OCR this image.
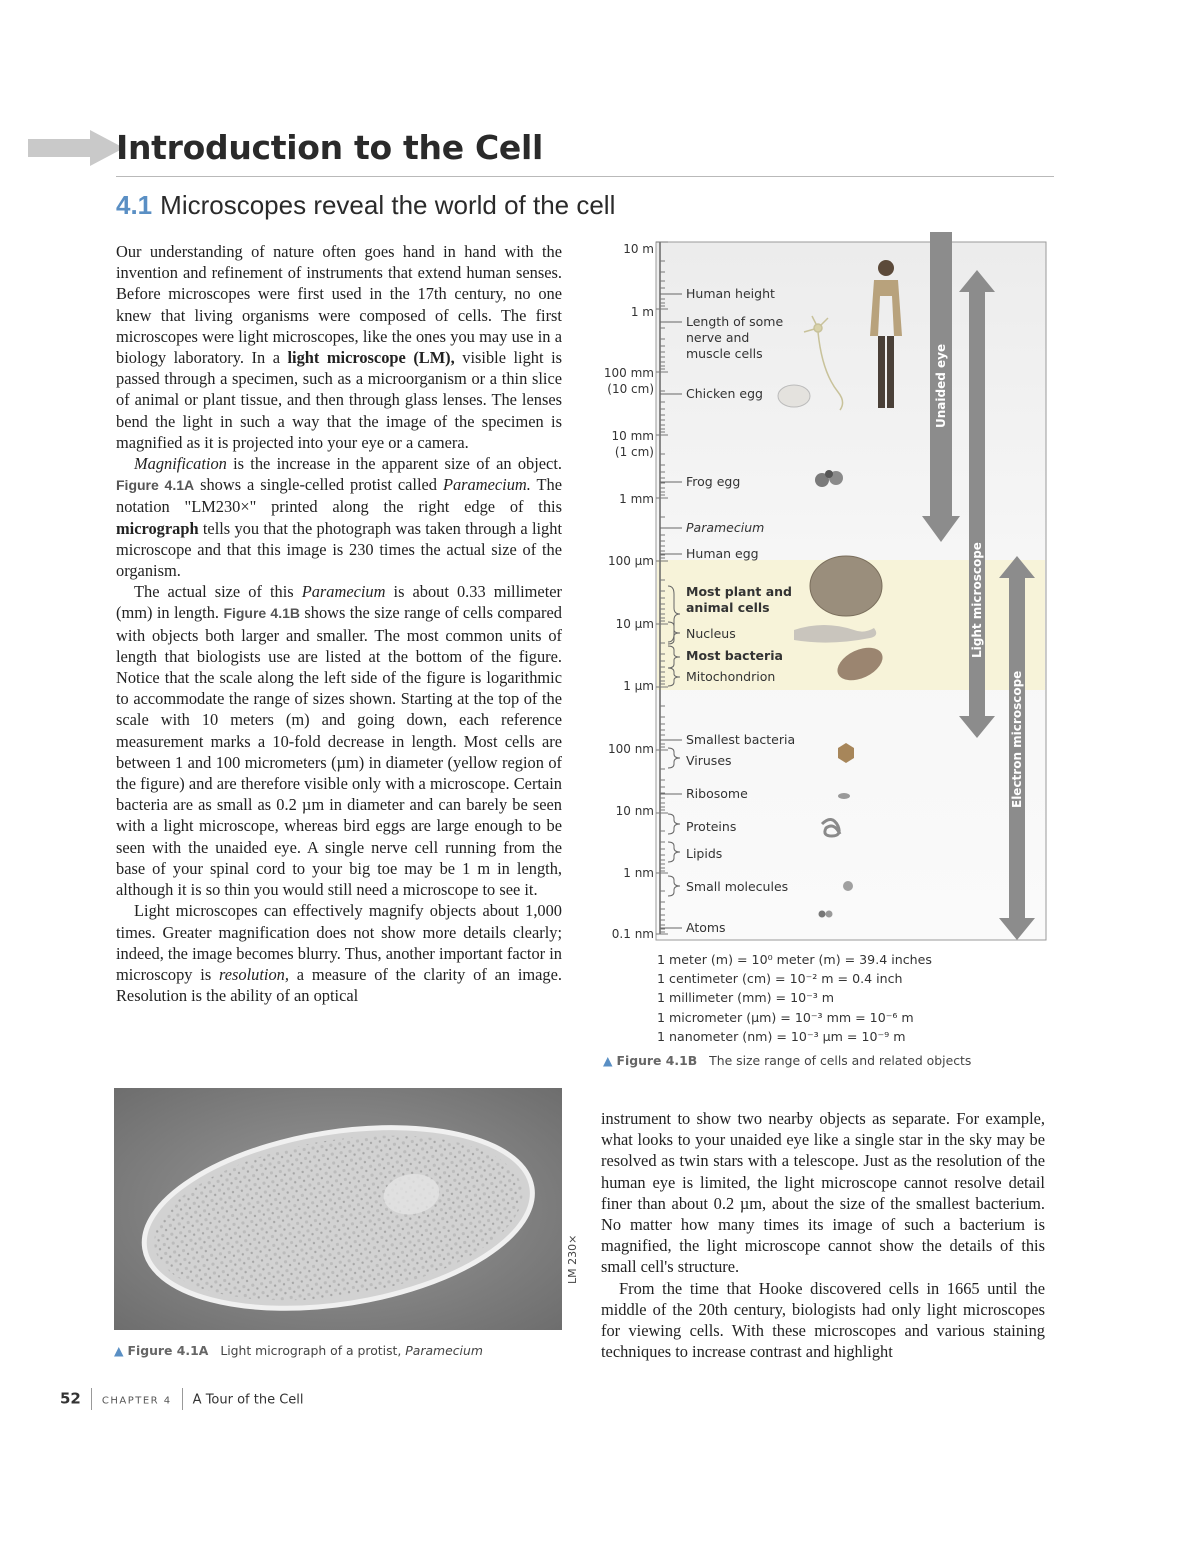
Introduction to the Cell
4.1 Microscopes reveal the world of the cell

Our understanding of nature often goes hand in hand with the invention and refinement of instruments that extend human senses. Before microscopes were first used in the 17th century, no one knew that living organisms were composed of cells. The first microscopes were light microscopes, like the ones you may use in a biology laboratory. In a light microscope (LM), visible light is passed through a specimen, such as a microorganism or a thin slice of animal or plant tissue, and then through glass lenses. The lenses bend the light in such a way that the image of the specimen is magnified as it is projected into your eye or a camera.

Magnification is the increase in the apparent size of an object. Figure 4.1A shows a single-celled protist called Paramecium. The notation "LM230×" printed along the right edge of this micrograph tells you that the photograph was taken through a light microscope and that this image is 230 times the actual size of the organism.

The actual size of this Paramecium is about 0.33 millimeter (mm) in length. Figure 4.1B shows the size range of cells compared with objects both larger and smaller. The most common units of length that biologists use are listed at the bottom of the figure. Notice that the scale along the left side of the figure is logarithmic to accommodate the range of sizes shown. Starting at the top of the scale with 10 meters (m) and going down, each reference measurement marks a 10-fold decrease in length. Most cells are between 1 and 100 micrometers (µm) in diameter (yellow region of the figure) and are therefore visible only with a microscope. Certain bacteria are as small as 0.2 µm in diameter and can barely be seen with a light microscope, whereas bird eggs are large enough to be seen with the unaided eye. A single nerve cell running from the base of your spinal cord to your big toe may be 1 m in length, although it is so thin you would still need a microscope to see it.

Light microscopes can effectively magnify objects about 1,000 times. Greater magnification does not show more details clearly; indeed, the image becomes blurry. Thus, another important factor in microscopy is resolution, a measure of the clarity of an image. Resolution is the ability of an optical

10 m
1 m
100 mm
(10 cm)
10 mm
(1 cm)
1 mm
100 µm
10 µm
1 µm
100 nm
10 nm
1 nm
0.1 nm
Human height
Length of some
nerve and
muscle cells
Chicken egg
Frog egg
Paramecium
Human egg
Most plant and
animal cells
Nucleus
Most bacteria
Mitochondrion
Smallest bacteria
Viruses
Ribosome
Proteins
Lipids
Small molecules
Atoms
Unaided eye
Light microscope
Electron microscope
1 meter (m) = 10⁰ meter (m) = 39.4 inches
1 centimeter (cm) = 10⁻² m = 0.4 inch
1 millimeter (mm) = 10⁻³ m
1 micrometer (µm) = 10⁻³ mm = 10⁻⁶ m
1 nanometer (nm) = 10⁻³ µm = 10⁻⁹ m
▲ Figure 4.1B The size range of cells and related objects
LM 230×
▲ Figure 4.1A Light micrograph of a protist, Paramecium

instrument to show two nearby objects as separate. For example, what looks to your unaided eye like a single star in the sky may be resolved as twin stars with a telescope. Just as the resolution of the human eye is limited, the light microscope cannot resolve detail finer than about 0.2 µm, about the size of the smallest bacterium. No matter how many times its image of such a bacterium is magnified, the light microscope cannot show the details of this small cell's structure.

From the time that Hooke discovered cells in 1665 until the middle of the 20th century, biologists had only light microscopes for viewing cells. With these microscopes and various staining techniques to increase contrast and highlight

52 CHAPTER 4 A Tour of the Cell
